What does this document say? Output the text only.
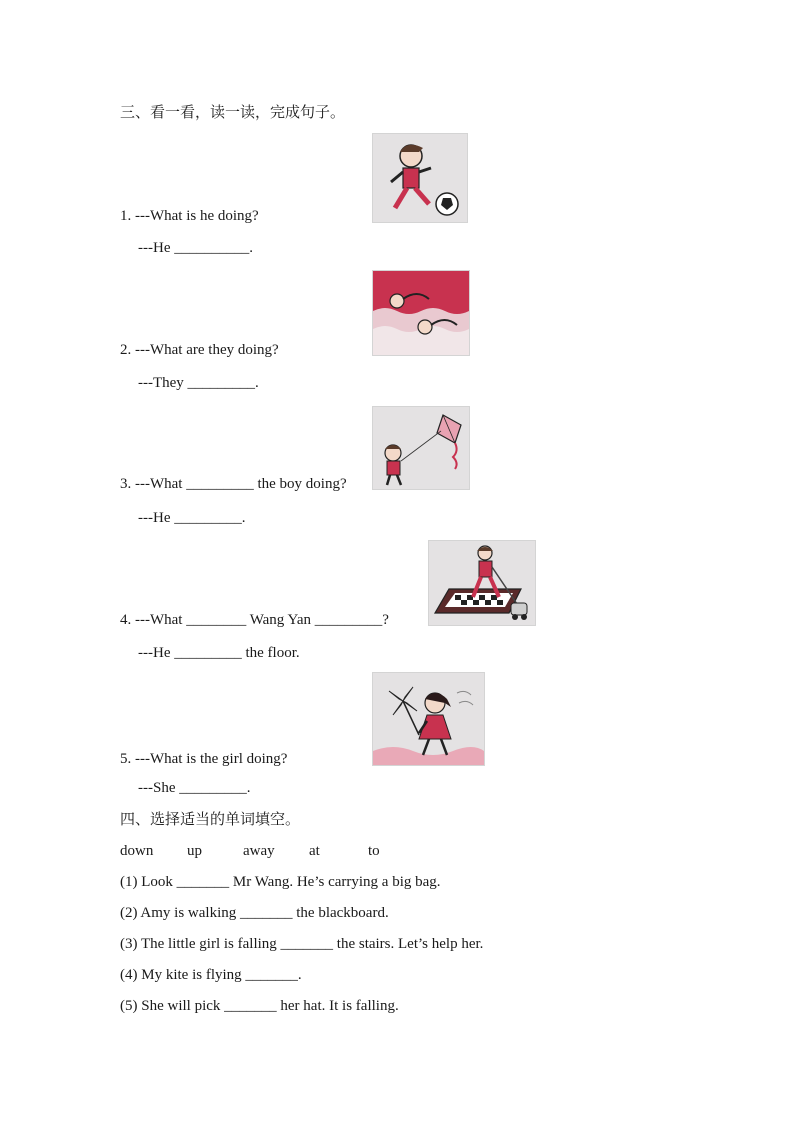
三、看一看，读一读，完成句子。
1. ---What is he doing?
---He __________.
2. ---What are they doing?
---They _________.
3. ---What _________ the boy doing?
---He _________.
4. ---What ________ Wang Yan _________?
---He _________ the floor.
5. ---What is the girl doing?
---She _________.
四、选择适当的单词填空。
down up	away at	to
(1) Look _______ Mr Wang. He’s carrying a big bag.
(2) Amy is walking _______ the blackboard.
(3) The little girl is falling _______ the stairs. Let’s help her.
(4) My kite is flying _______.
(5) She will pick _______ her hat. It is falling.
